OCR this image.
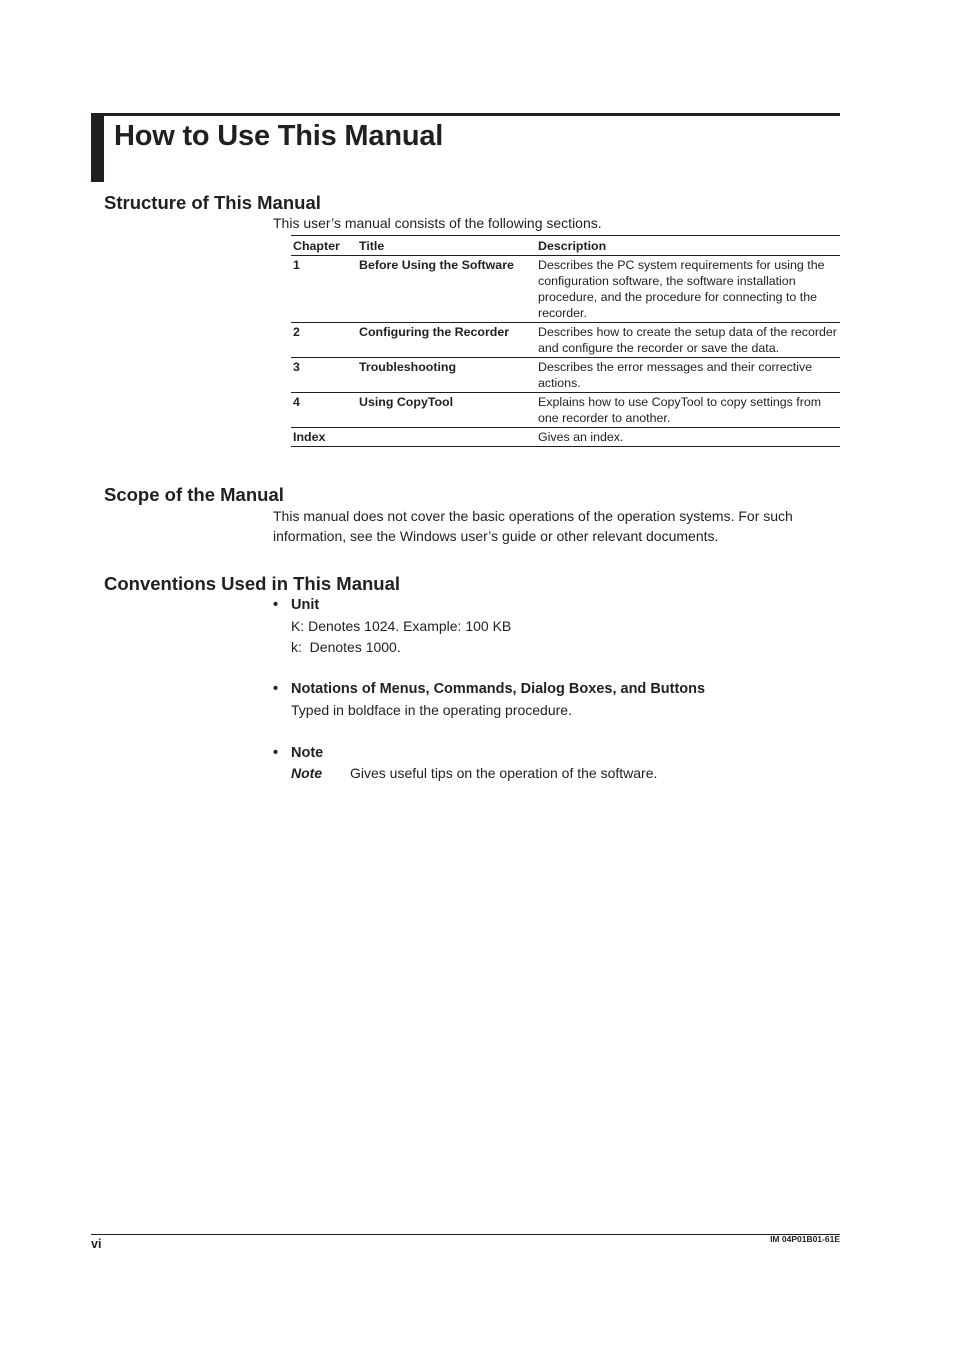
How to Use This Manual
Structure of This Manual

This user’s manual consists of the following sections.

Chapter	Title	Description
1	Before Using the Software	Describes the PC system requirements for using the configuration software, the software installation procedure, and the procedure for connecting to the recorder.
2	Configuring the Recorder	Describes how to create the setup data of the recorder and configure the recorder or save the data.
3	Troubleshooting	Describes the error messages and their corrective actions.
4	Using CopyTool	Explains how to use CopyTool to copy settings from one recorder to another.
Index		Gives an index.
Scope of the Manual

This manual does not cover the basic operations of the operation systems. For such information, see the Windows user’s guide or other relevant documents.

Conventions Used in This Manual

• Unit

K: Denotes 1024. Example: 100 KB

k:  Denotes 1000.

• Notations of Menus, Commands, Dialog Boxes, and Buttons

Typed in boldface in the operating procedure.

• Note

Note Gives useful tips on the operation of the software.

vi	IM 04P01B01-61E
